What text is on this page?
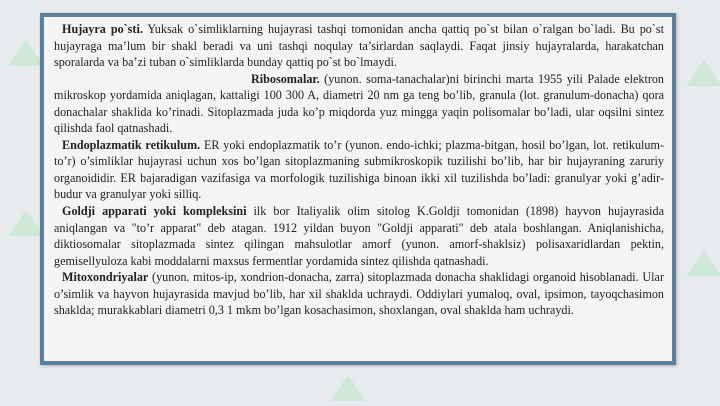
Hujayra po`sti. Yuksak o`simliklarning hujayrasi tashqi tomonidan ancha qattiq po`st bilan o`ralgan bo`ladi. Bu po`st hujayraga ma’lum bir shakl beradi va uni tashqi noqulay ta’sirlardan saqlaydi. Faqat jinsiy hujayralarda, harakatchan sporalarda va ba’zi tuban o`simliklarda bunday qattiq po`st bo`lmaydi.

Ribosomalar. (yunon. soma-tanachalar)ni birinchi marta 1955 yili Palade elektron mikroskop yordamida aniqlagan, kattaligi 100 300 A, diametri 20 nm ga teng bo’lib, granula (lot. granulum-donacha) qora donachalar shaklida ko’rinadi. Sitoplazmada juda ko’p miqdorda yuz mingga yaqin polisomalar bo’ladi, ular oqsilni sintez qilishda faol qatnashadi.

Endoplazmatik retikulum. ER yoki endoplazmatik to’r (yunon. endo-ichki; plazma-bitgan, hosil bo’lgan, lot. retikulum-to’r) o’simliklar hujayrasi uchun xos bo’lgan sitoplazmaning submikroskopik tuzilishi bo’lib, har bir hujayraning zaruriy organoididir. ER bajaradigan vazifasiga va morfologik tuzilishiga binoan ikki xil tuzilishda bo’ladi: granulyar yoki g’adir-budur va granulyar yoki silliq.

Goldji apparati yoki kompleksini ilk bor Italiyalik olim sitolog K.Goldji tomonidan (1898) hayvon hujayrasida aniqlangan va "to’r apparat" deb atagan. 1912 yildan buyon "Goldji apparati" deb atala boshlangan. Aniqlanishicha, diktiosomalar sitoplazmada sintez qilingan mahsulotlar amorf (yunon. amorf-shaklsiz) polisaxaridlardan pektin, gemisellyuloza kabi moddalarni maxsus fermentlar yordamida sintez qilishda qatnashadi.

Mitoxondriyalar (yunon. mitos-ip, xondrion-donacha, zarra) sitoplazmada donacha shaklidagi organoid hisoblanadi. Ular o’simlik va hayvon hujayrasida mavjud bo’lib, har xil shaklda uchraydi. Oddiylari yumaloq, oval, ipsimon, tayoqchasimon shaklda; murakkablari diametri 0,3 1 mkm bo’lgan kosachasimon, shoxlangan, oval shaklda ham uchraydi.
